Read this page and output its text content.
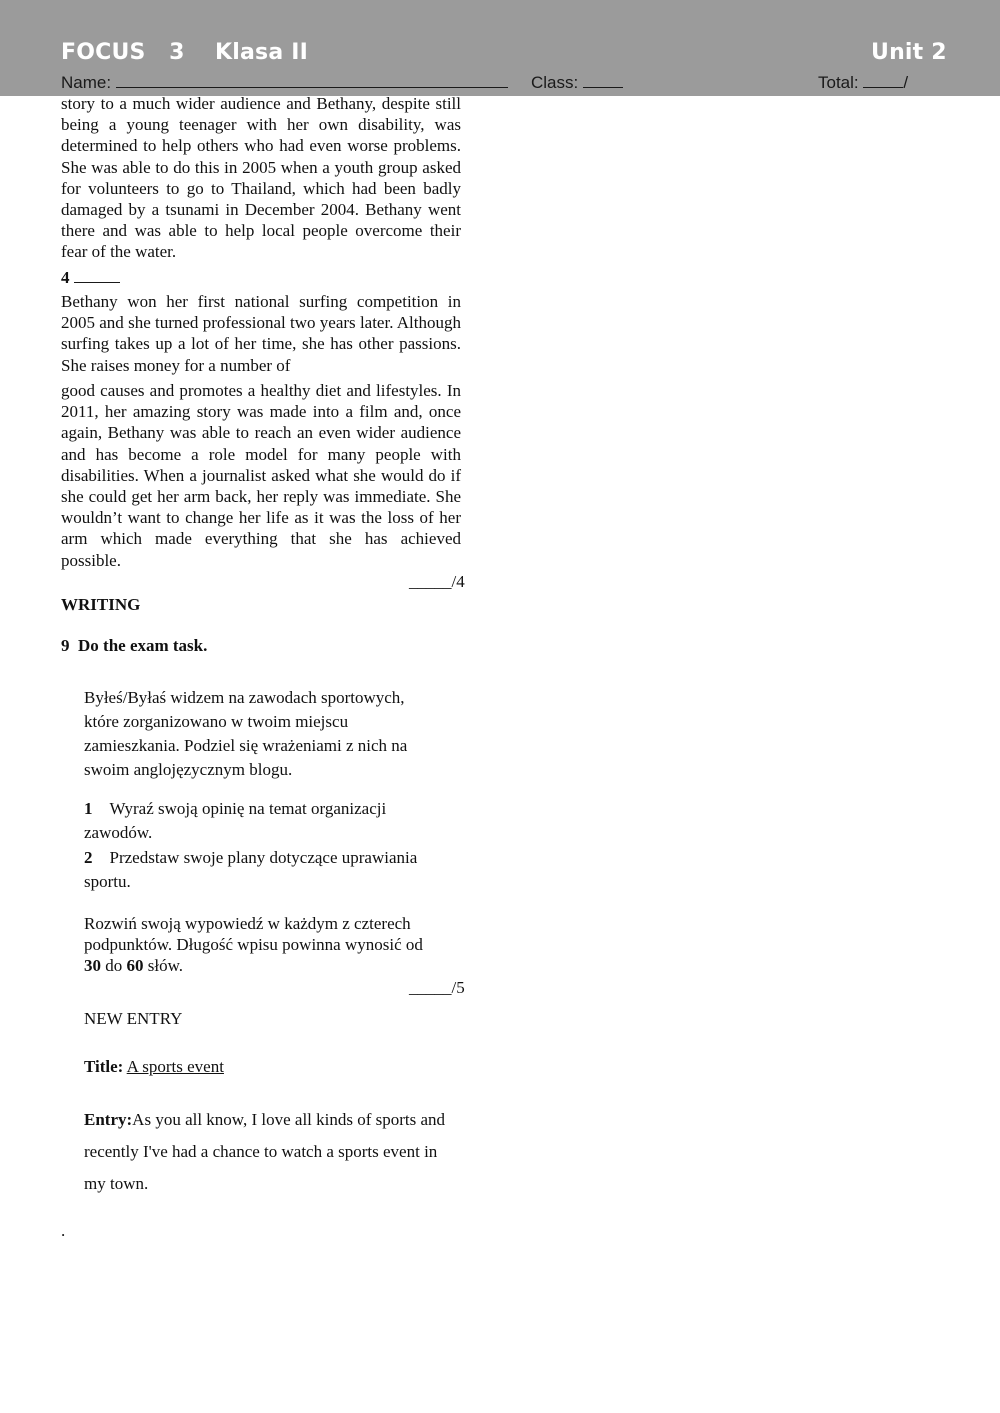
FOCUS 3 Klasa II	Unit 2
Name:	Class:	Total:	/

story to a much wider audience and Bethany, despite still being a young teenager with her own disability, was determined to help others who had even worse problems. She was able to do this in 2005 when a youth group asked for volunteers to go to Thailand, which had been badly damaged by a tsunami in December 2004. Bethany went there and was able to help local people overcome their fear of the water.

4

Bethany won her first national surfing competition in 2005 and she turned professional two years later. Although surfing takes up a lot of her time, she has other passions. She raises money for a number of

good causes and promotes a healthy diet and lifestyles. In 2011, her amazing story was made into a film and, once again, Bethany was able to reach an even wider audience and has become a role model for many people with disabilities. When a journalist asked what she would do if she could get her arm back, her reply was immediate. She wouldn’t want to change her life as it was the loss of her arm which made everything that she has achieved possible.

_____/4
WRITING
9 Do the exam task.
Byłeś/Byłaś widzem na zawodach sportowych,
które zorganizowano w twoim miejscu
zamieszkania. Podziel się wrażeniami z nich na
swoim anglojęzycznym blogu.
1 Wyraź swoją opinię na temat organizacji
zawodów.
2 Przedstaw swoje plany dotyczące uprawiania
sportu.
Rozwiń swoją wypowiedź w każdym z czterech
podpunktów. Długość wpisu powinna wynosić od
30 do 60 słów.
_____/5
NEW ENTRY
Title: A sports event
Entry:As you all know, I love all kinds of sports and
recently I've had a chance to watch a sports event in
my town.
.
